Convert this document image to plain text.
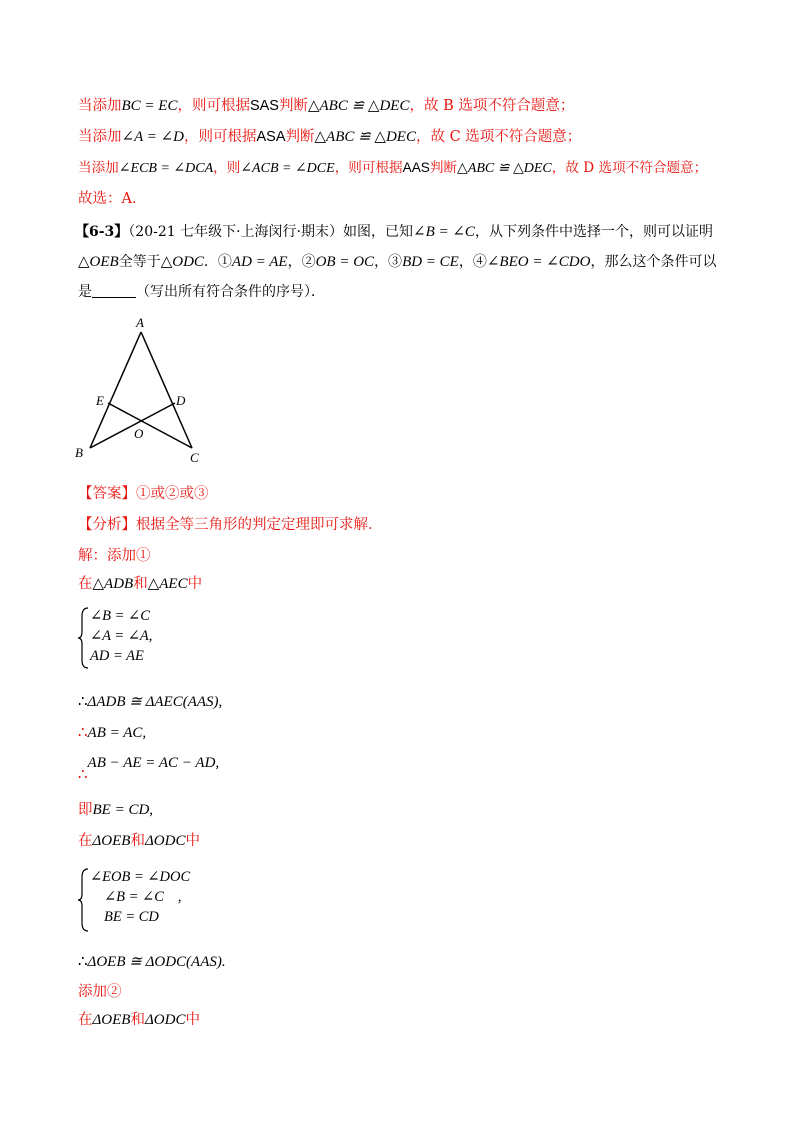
当添加BC = EC，则可根据SAS判断△ABC ≌ △DEC，故 B 选项不符合题意；
当添加∠A = ∠D，则可根据ASA判断△ABC ≌ △DEC，故 C 选项不符合题意；
当添加∠ECB = ∠DCA，则∠ACB = ∠DCE，则可根据AAS判断△ABC ≌ △DEC，故 D 选项不符合题意；
故选：A．
【6-3】（20-21 七年级下·上海闵行·期末）如图，已知∠B = ∠C，从下列条件中选择一个，则可以证明
△OEB全等于△ODC．①AD = AE，②OB = OC，③BD = CE，④∠BEO = ∠CDO，那么这个条件可以
是	（写出所有符合条件的序号）．
A
B	C
D
E
O
【答案】①或②或③
【分析】根据全等三角形的判定定理即可求解．
解：添加①
在△ADB和△AEC中
∠B = ∠C
∠A = ∠A,
AD = AE
∴ΔADB ≅ ΔAEC(AAS),
∴AB = AC,
∴AB − AE = AC − AD,
即BE = CD,
在ΔOEB和ΔODC中
∠EOB = ∠DOC
∠B = ∠C ,
BE = CD
∴ΔOEB ≅ ΔODC(AAS).
添加②
在ΔOEB和ΔODC中
